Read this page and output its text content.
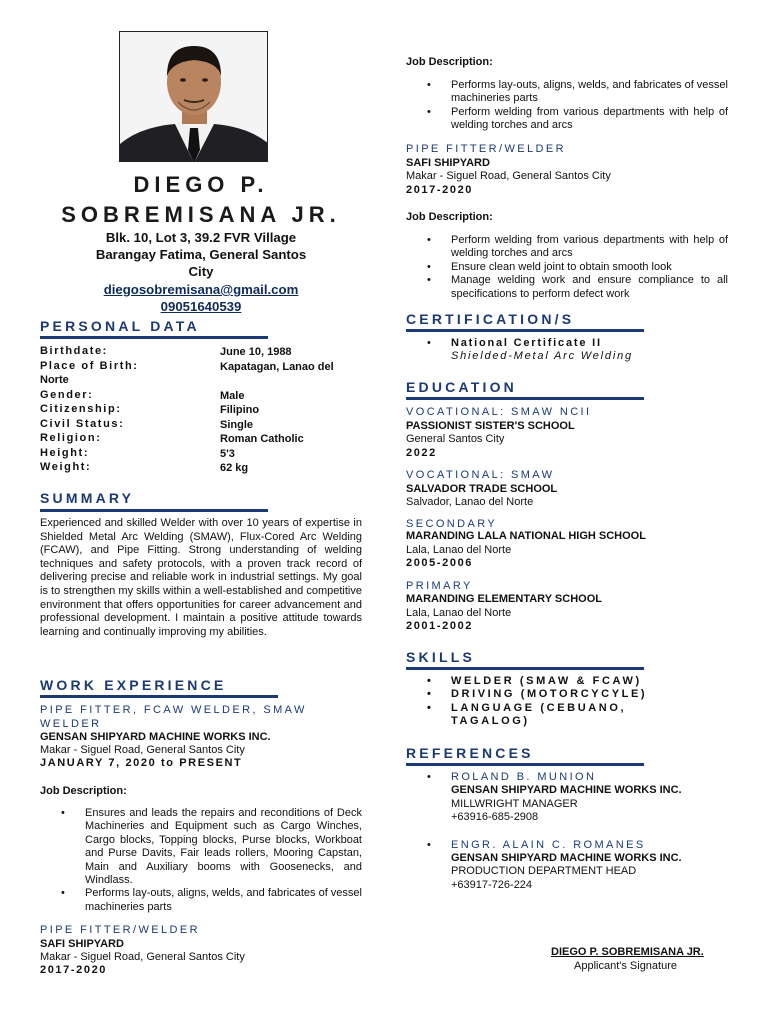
DIEGO P.
SOBREMISANA JR.
Blk. 10, Lot 3, 39.2 FVR Village
Barangay Fatima, General Santos
City
diegosobremisana@gmail.com
09051640539
PERSONAL DATA
Birthdate:	June 10, 1988
Place of Birth:	Kapatagan, Lanao del
Norte
Gender:	Male
Citizenship:	Filipino
Civil Status:	Single
Religion:	Roman Catholic
Height:	5'3
Weight:	62 kg
SUMMARY
Experienced and skilled Welder with over 10 years of expertise in Shielded Metal Arc Welding (SMAW), Flux-Cored Arc Welding (FCAW), and Pipe Fitting. Strong understanding of welding techniques and safety protocols, with a proven track record of delivering precise and reliable work in industrial settings. My goal is to strengthen my skills within a well-established and competitive environment that offers opportunities for career advancement and professional development. I maintain a positive attitude towards learning and continually improving my abilities.
WORK EXPERIENCE
PIPE FITTER, FCAW WELDER, SMAW WELDER
GENSAN SHIPYARD MACHINE WORKS INC.
Makar - Siguel Road, General Santos City
JANUARY 7, 2020 to PRESENT
Job Description:
• Ensures and leads the repairs and reconditions of Deck Machineries and Equipment such as Cargo Winches, Cargo blocks, Topping blocks, Purse blocks, Workboat and Purse Davits, Fair leads rollers, Mooring Capstan, Main and Auxiliary booms with Goosenecks, and Windlass.
• Performs lay-outs, aligns, welds, and fabricates of vessel machineries parts
PIPE FITTER/WELDER
SAFI SHIPYARD
Makar - Siguel Road, General Santos City
2017-2020
Job Description:
• Performs lay-outs, aligns, welds, and fabricates of vessel machineries parts
• Perform welding from various departments with help of welding torches and arcs
PIPE FITTER/WELDER
SAFI SHIPYARD
Makar - Siguel Road, General Santos City
2017-2020
Job Description:
• Perform welding from various departments with help of welding torches and arcs
• Ensure clean weld joint to obtain smooth look
• Manage welding work and ensure compliance to all specifications to perform defect work
CERTIFICATION/S
• National Certificate II
Shielded-Metal Arc Welding
EDUCATION
VOCATIONAL: SMAW NCII
PASSIONIST SISTER'S SCHOOL
General Santos City
2022
VOCATIONAL: SMAW
SALVADOR TRADE SCHOOL
Salvador, Lanao del Norte
SECONDARY
MARANDING LALA NATIONAL HIGH SCHOOL
Lala, Lanao del Norte
2005-2006
PRIMARY
MARANDING ELEMENTARY SCHOOL
Lala, Lanao del Norte
2001-2002
SKILLS
• WELDER (SMAW & FCAW)
• DRIVING (MOTORCYCYLE)
• LANGUAGE (CEBUANO, TAGALOG)
REFERENCES
• ROLAND B. MUNION
GENSAN SHIPYARD MACHINE WORKS INC.
MILLWRIGHT MANAGER
+63916-685-2908
• ENGR. ALAIN C. ROMANES
GENSAN SHIPYARD MACHINE WORKS INC.
PRODUCTION DEPARTMENT HEAD
+63917-726-224
DIEGO P. SOBREMISANA JR.
Applicant's Signature
